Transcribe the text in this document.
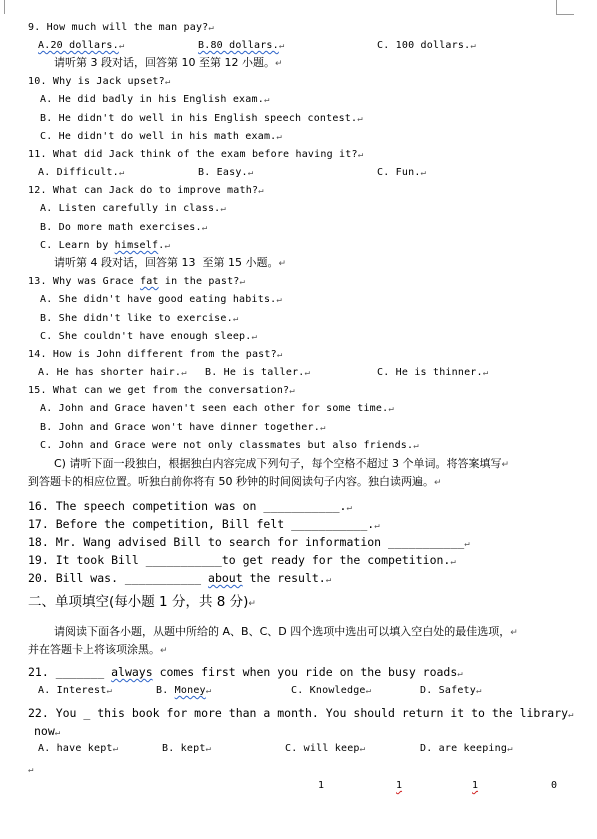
9. How much will the man pay?↵
A.20 dollars.↵	B.80 dollars.↵	C. 100 dollars.↵
请听第 3 段对话，回答第 10 至第 12 小题。↵
10. Why is Jack upset?↵
A. He did badly in his English exam.↵
B. He didn't do well in his English speech contest.↵
C. He didn't do well in his math exam.↵
11. What did Jack think of the exam before having it?↵
A. Difficult.↵	B. Easy.↵	C. Fun.↵
12. What can Jack do to improve math?↵
A. Listen carefully in class.↵
B. Do more math exercises.↵
C. Learn by himself.↵
请听第 4 段对话，回答第 13  至第 15 小题。↵
13. Why was Grace fat in the past?↵
A. She didn't have good eating habits.↵
B. She didn't like to exercise.↵
C. She couldn't have enough sleep.↵
14. How is John different from the past?↵
A. He has shorter hair.↵ B. He is taller.↵	C. He is thinner.↵
15. What can we get from the conversation?↵
A. John and Grace haven't seen each other for some time.↵
B. John and Grace won't have dinner together.↵
C. John and Grace were not only classmates but also friends.↵
C) 请听下面一段独白，根据独白内容完成下列句子，每个空格不超过 3 个单词。将答案填写↵
到答题卡的相应位置。听独白前你将有 50 秒钟的时间阅读句子内容。独白读两遍。↵
16. The speech competition was on ___________.↵
17. Before the competition, Bill felt ___________.↵
18. Mr. Wang advised Bill to search for information ___________↵
19. It took Bill ___________to get ready for the competition.↵
20. Bill was. ___________ about the result.↵
二、单项填空(每小题 1 分，共 8 分)↵
请阅读下面各小题，从题中所给的 A、B、C、D 四个选项中选出可以填入空白处的最佳选项，↵
并在答题卡上将该项涂黑。↵
21. _______ always comes first when you ride on the busy roads↵
A. Interest↵	B. Money↵	C. Knowledge↵	D. Safety↵
22. You _ this book for more than a month. You should return it to the library↵
now↵
A. have kept↵	B. kept↵	C. will keep↵	D. are keeping↵
↵
1	1	1	0
